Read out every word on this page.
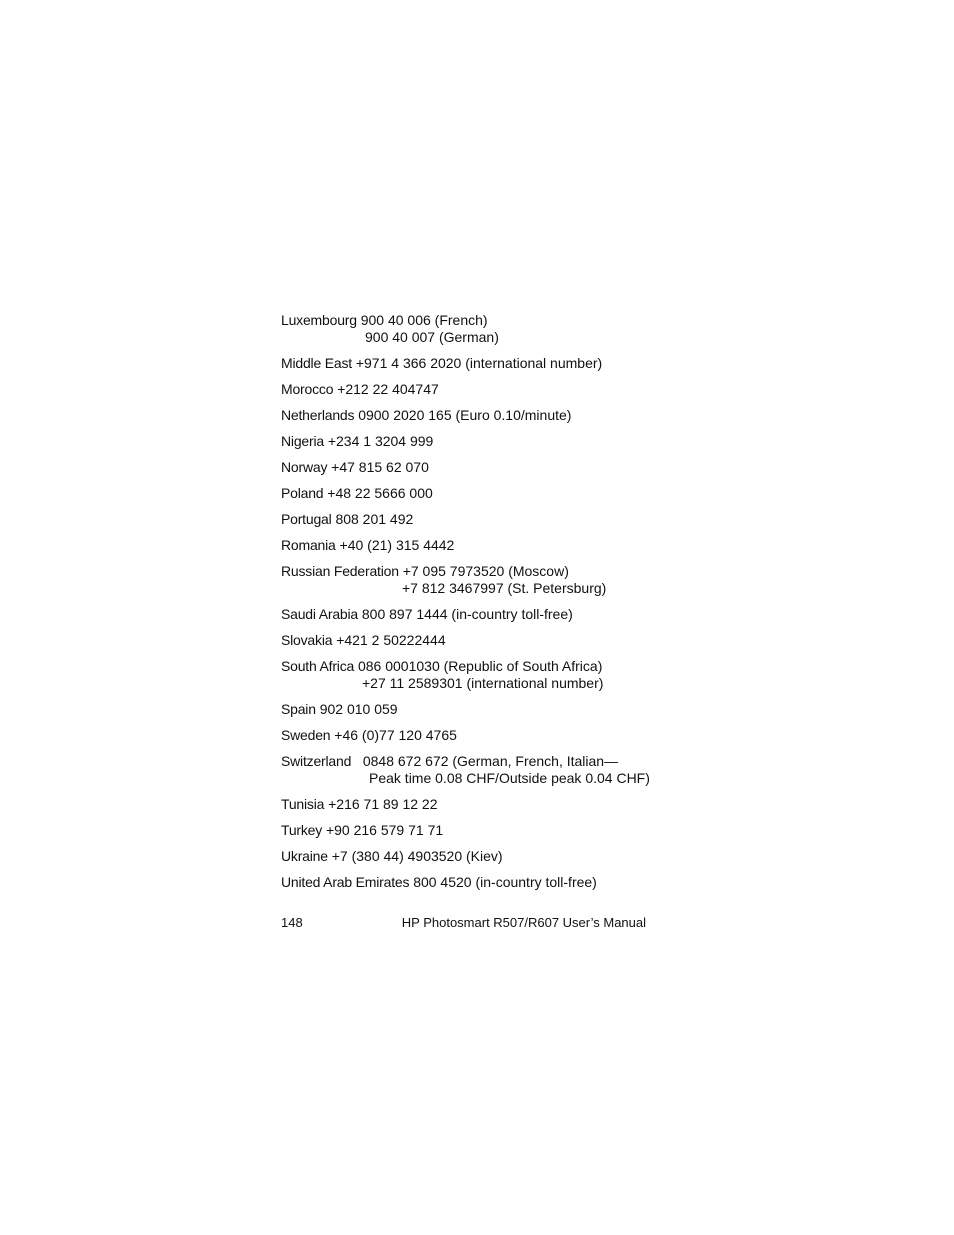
Luxembourg 900 40 006 (French)
900 40 007 (German)
Middle East +971 4 366 2020 (international number)
Morocco +212 22 404747
Netherlands 0900 2020 165 (Euro 0.10/minute)
Nigeria +234 1 3204 999
Norway +47 815 62 070
Poland +48 22 5666 000
Portugal 808 201 492
Romania +40 (21) 315 4442
Russian Federation +7 095 7973520 (Moscow)
+7 812 3467997 (St. Petersburg)
Saudi Arabia 800 897 1444 (in-country toll-free)
Slovakia +421 2 50222444
South Africa 086 0001030 (Republic of South Africa)
+27 11 2589301 (international number)
Spain 902 010 059
Sweden +46 (0)77 120 4765
Switzerland 0848 672 672 (German, French, Italian—
Peak time 0.08 CHF/Outside peak 0.04 CHF)
Tunisia +216 71 89 12 22
Turkey +90 216 579 71 71
Ukraine +7 (380 44) 4903520 (Kiev)
United Arab Emirates 800 4520 (in-country toll-free)
148	HP Photosmart R507/R607 User’s Manual
